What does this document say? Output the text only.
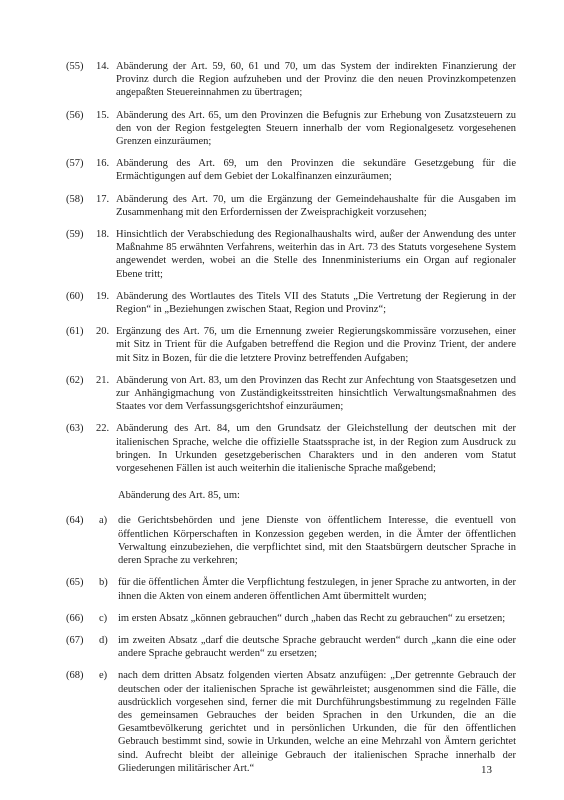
(55) 14. Abänderung der Art. 59, 60, 61 und 70, um das System der indirekten Finanzierung der Provinz durch die Region aufzuheben und der Provinz die den neuen Provinzkompetenzen angepaßten Steuereinnahmen zu übertragen;
(56) 15. Abänderung des Art. 65, um den Provinzen die Befugnis zur Erhebung von Zusatzsteuern zu den von der Region festgelegten Steuern innerhalb der vom Regionalgesetz vorgesehenen Grenzen einzuräumen;
(57) 16. Abänderung des Art. 69, um den Provinzen die sekundäre Gesetzgebung für die Ermächtigungen auf dem Gebiet der Lokalfinanzen einzuräumen;
(58) 17. Abänderung des Art. 70, um die Ergänzung der Gemeindehaushalte für die Ausgaben im Zusammenhang mit den Erfordernissen der Zweisprachigkeit vorzusehen;
(59) 18. Hinsichtlich der Verabschiedung des Regionalhaushalts wird, außer der Anwendung des unter Maßnahme 85 erwähnten Verfahrens, weiterhin das in Art. 73 des Statuts vorgesehene System angewendet werden, wobei an die Stelle des Innenministeriums ein Organ auf regionaler Ebene tritt;
(60) 19. Abänderung des Wortlautes des Titels VII des Statuts „Die Vertretung der Regierung in der Region“ in „Beziehungen zwischen Staat, Region und Provinz“;
(61) 20. Ergänzung des Art. 76, um die Ernennung zweier Regierungskommissäre vorzusehen, einer mit Sitz in Trient für die Aufgaben betreffend die Region und die Provinz Trient, der andere mit Sitz in Bozen, für die die letztere Provinz betreffenden Aufgaben;
(62) 21. Abänderung von Art. 83, um den Provinzen das Recht zur Anfechtung von Staatsgesetzen und zur Anhängigmachung von Zuständigkeitsstreiten hinsichtlich Verwaltungsmaßnahmen des Staates vor dem Verfassungsgerichtshof einzuräumen;
(63) 22. Abänderung des Art. 84, um den Grundsatz der Gleichstellung der deutschen mit der italienischen Sprache, welche die offizielle Staatssprache ist, in der Region zum Ausdruck zu bringen. In Urkunden gesetzgeberischen Charakters und in den anderen vom Statut vorgesehenen Fällen ist auch weiterhin die italienische Sprache maßgebend;
Abänderung des Art. 85, um:
(64) a) die Gerichtsbehörden und jene Dienste von öffentlichem Interesse, die eventuell von öffentlichen Körperschaften in Konzession gegeben werden, in die Ämter der öffentlichen Verwaltung einzubeziehen, die verpflichtet sind, mit den Staatsbürgern deutscher Sprache in deren Sprache zu verkehren;
(65) b) für die öffentlichen Ämter die Verpflichtung festzulegen, in jener Sprache zu antworten, in der ihnen die Akten von einem anderen öffentlichen Amt übermittelt wurden;
(66) c) im ersten Absatz „können gebrauchen“ durch „haben das Recht zu gebrauchen“ zu ersetzen;
(67) d) im zweiten Absatz „darf die deutsche Sprache gebraucht werden“ durch „kann die eine oder andere Sprache gebraucht werden“ zu ersetzen;
(68) e) nach dem dritten Absatz folgenden vierten Absatz anzufügen: „Der getrennte Gebrauch der deutschen oder der italienischen Sprache ist gewährleistet; ausgenommen sind die Fälle, die ausdrücklich vorgesehen sind, ferner die mit Durchführungsbestimmung zu regelnden Fälle des gemeinsamen Gebrauches der beiden Sprachen in den Urkunden, die an die Gesamtbevölkerung gerichtet und in persönlichen Urkunden, die für den öffentlichen Gebrauch bestimmt sind, sowie in Urkunden, welche an eine Mehrzahl von Ämtern gerichtet sind. Aufrecht bleibt der alleinige Gebrauch der italienischen Sprache innerhalb der Gliederungen militärischer Art.“	13
